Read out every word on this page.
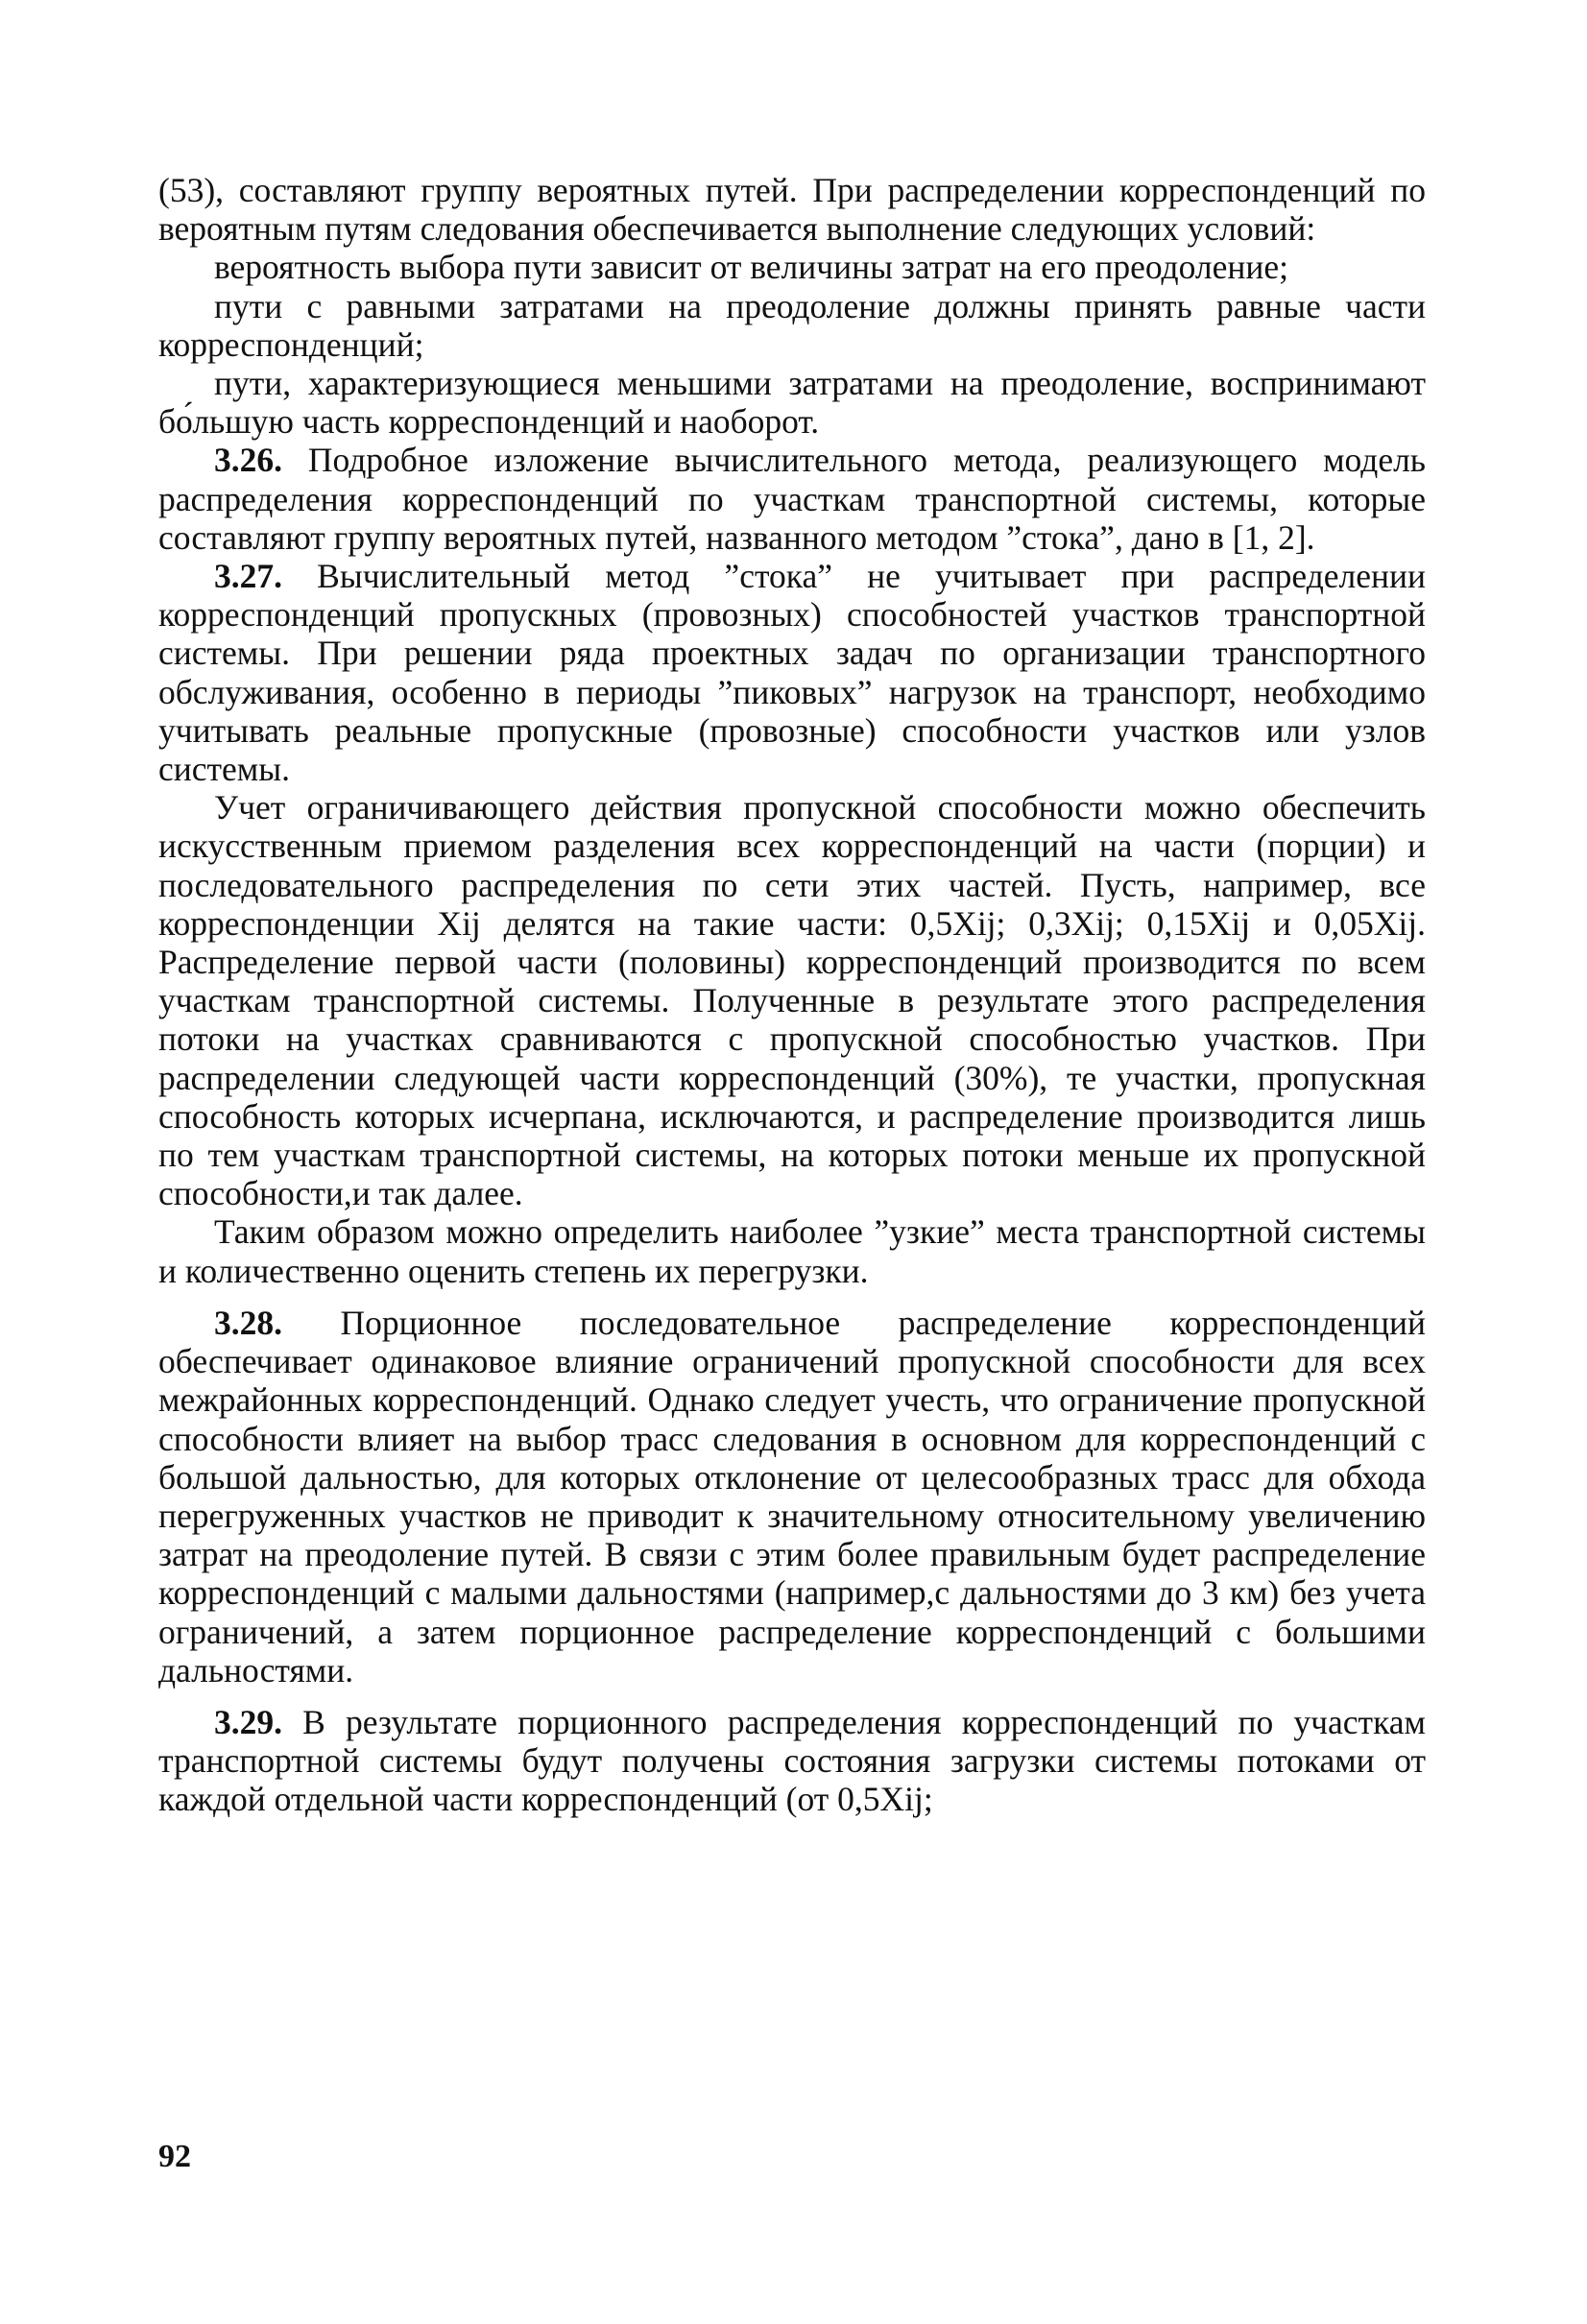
(53), составляют группу вероятных путей. При распределении корреспонденций по вероятным путям следования обеспечивается выполнение следующих условий:

вероятность выбора пути зависит от величины затрат на его преодоление;

пути с равными затратами на преодоление должны принять равные части корреспонденций;

пути, характеризующиеся меньшими затратами на преодоление, воспринимают бо́льшую часть корреспонденций и наоборот.

3.26. Подробное изложение вычислительного метода, реализующего модель распределения корреспонденций по участкам транспортной системы, которые составляют группу вероятных путей, названного методом ”стока”, дано в [1, 2].

3.27. Вычислительный метод ”стока” не учитывает при распределении корреспонденций пропускных (провозных) способностей участков транспортной системы. При решении ряда проектных задач по организации транспортного обслуживания, особенно в периоды ”пиковых” нагрузок на транспорт, необходимо учитывать реальные пропускные (провозные) способности участков или узлов системы.

Учет ограничивающего действия пропускной способности можно обеспечить искусственным приемом разделения всех корреспонденций на части (порции) и последовательного распределения по сети этих частей. Пусть, например, все корреспонденции Xij делятся на такие части: 0,5Xij; 0,3Xij; 0,15Xij и 0,05Xij. Распределение первой части (половины) корреспонденций производится по всем участкам транспортной системы. Полученные в результате этого распределения потоки на участках сравниваются с пропускной способностью участков. При распределении следующей части корреспонденций (30%), те участки, пропускная способность которых исчерпана, исключаются, и распределение производится лишь по тем участкам транспортной системы, на которых потоки меньше их пропускной способности,и так далее.

Таким образом можно определить наиболее ”узкие” места транспортной системы и количественно оценить степень их перегрузки.

3.28. Порционное последовательное распределение корреспонденций обеспечивает одинаковое влияние ограничений пропускной способности для всех межрайонных корреспонденций. Однако следует учесть, что ограничение пропускной способности влияет на выбор трасс следования в основном для корреспонденций с большой дальностью, для которых отклонение от целесообразных трасс для обхода перегруженных участков не приводит к значительному относительному увеличению затрат на преодоление путей. В связи с этим более правильным будет распределение корреспонденций с малыми дальностями (например,с дальностями до 3 км) без учета ограничений, а затем порционное распределение корреспонденций с большими дальностями.

3.29. В результате порционного распределения корреспонденций по участкам транспортной системы будут получены состояния загрузки системы потоками от каждой отдельной части корреспонденций (от 0,5Xij;

92
